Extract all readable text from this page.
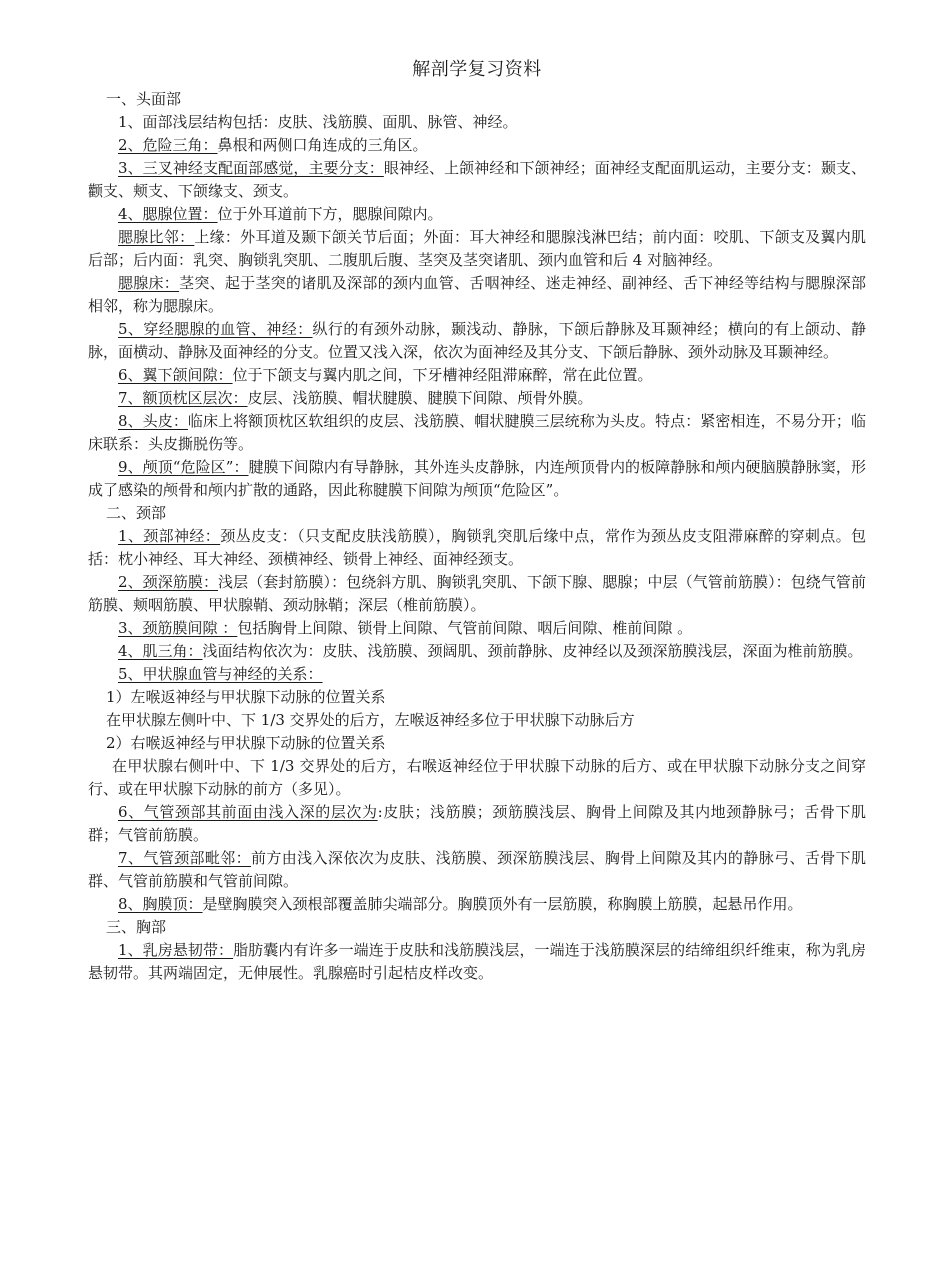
解剖学复习资料
一、头面部

1、面部浅层结构包括：皮肤、浅筋膜、面肌、脉管、神经。

2、危险三角：鼻根和两侧口角连成的三角区。

3、三叉神经支配面部感觉，主要分支：眼神经、上颌神经和下颌神经；面神经支配面肌运动，主要分支：颞支、颧支、颊支、下颌缘支、颈支。

4、腮腺位置：位于外耳道前下方，腮腺间隙内。

腮腺比邻：上缘：外耳道及颞下颌关节后面；外面：耳大神经和腮腺浅淋巴结；前内面：咬肌、下颌支及翼内肌后部；后内面：乳突、胸锁乳突肌、二腹肌后腹、茎突及茎突诸肌、颈内血管和后 4 对脑神经。

腮腺床：茎突、起于茎突的诸肌及深部的颈内血管、舌咽神经、迷走神经、副神经、舌下神经等结构与腮腺深部相邻，称为腮腺床。

5、穿经腮腺的血管、神经：纵行的有颈外动脉，颞浅动、静脉，下颌后静脉及耳颞神经；横向的有上颌动、静脉，面横动、静脉及面神经的分支。位置又浅入深，依次为面神经及其分支、下颌后静脉、颈外动脉及耳颞神经。

6、翼下颌间隙：位于下颌支与翼内肌之间，下牙槽神经阻滞麻醉，常在此位置。

7、额顶枕区层次：皮层、浅筋膜、帽状腱膜、腱膜下间隙、颅骨外膜。

8、头皮：临床上将额顶枕区软组织的皮层、浅筋膜、帽状腱膜三层统称为头皮。特点：紧密相连，不易分开；临床联系：头皮撕脱伤等。

9、颅顶“危险区”：腱膜下间隙内有导静脉，其外连头皮静脉，内连颅顶骨内的板障静脉和颅内硬脑膜静脉窦，形成了感染的颅骨和颅内扩散的通路，因此称腱膜下间隙为颅顶“危险区”。

二、颈部

1、颈部神经：颈丛皮支：（只支配皮肤浅筋膜），胸锁乳突肌后缘中点，常作为颈丛皮支阻滞麻醉的穿刺点。包括：枕小神经、耳大神经、颈横神经、锁骨上神经、面神经颈支。

2、颈深筋膜：浅层（套封筋膜）：包绕斜方肌、胸锁乳突肌、下颌下腺、腮腺；中层（气管前筋膜）：包绕气管前筋膜、颊咽筋膜、甲状腺鞘、颈动脉鞘；深层（椎前筋膜）。

3、颈筋膜间隙 ：包括胸骨上间隙、锁骨上间隙、气管前间隙、咽后间隙、椎前间隙 。

4、肌三角：浅面结构依次为：皮肤、浅筋膜、颈阔肌、颈前静脉、皮神经以及颈深筋膜浅层，深面为椎前筋膜。

5、甲状腺血管与神经的关系：

1）左喉返神经与甲状腺下动脉的位置关系

在甲状腺左侧叶中、下 1/3 交界处的后方，左喉返神经多位于甲状腺下动脉后方

2）右喉返神经与甲状腺下动脉的位置关系

在甲状腺右侧叶中、下 1/3 交界处的后方，右喉返神经位于甲状腺下动脉的后方、或在甲状腺下动脉分支之间穿行、或在甲状腺下动脉的前方（多见）。

6、气管颈部其前面由浅入深的层次为:皮肤；浅筋膜；颈筋膜浅层、胸骨上间隙及其内地颈静脉弓；舌骨下肌群；气管前筋膜。

7、气管颈部毗邻：前方由浅入深依次为皮肤、浅筋膜、颈深筋膜浅层、胸骨上间隙及其内的静脉弓、舌骨下肌群、气管前筋膜和气管前间隙。

8、胸膜顶：是壁胸膜突入颈根部覆盖肺尖端部分。胸膜顶外有一层筋膜，称胸膜上筋膜，起悬吊作用。

三、胸部

1、乳房悬韧带：脂肪囊内有许多一端连于皮肤和浅筋膜浅层，一端连于浅筋膜深层的结缔组织纤维束，称为乳房悬韧带。其两端固定，无伸展性。乳腺癌时引起桔皮样改变。
